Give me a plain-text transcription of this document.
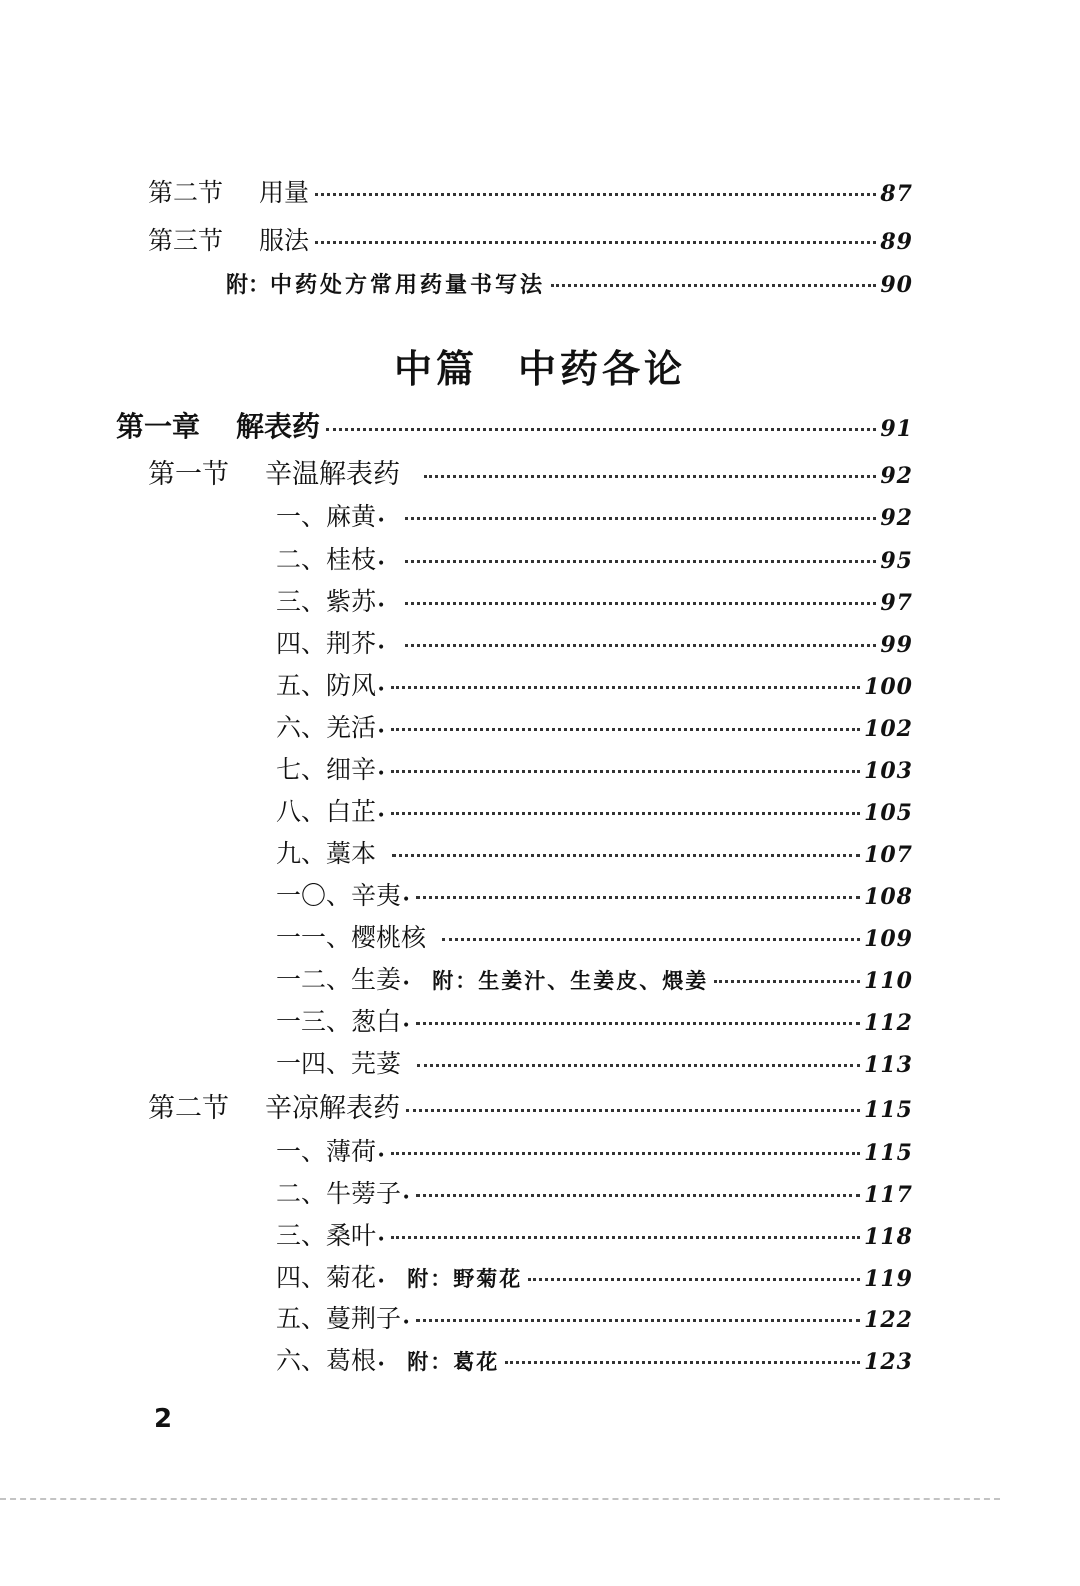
第二节 用量	87
第三节 服法	89
附： 中药处方常用药量书写法	90
中篇 中药各论
第一章 解表药	91
第一节 辛温解表药	92
一、 麻黄 •	92
二、 桂枝 •	95
三、 紫苏 •	97
四、 荆芥 •	99
五、 防风 •	100
六、 羌活 •	102
七、 细辛 •	103
八、 白芷 •	105
九、 藁本	107
一〇、 辛夷 •	108
一一、 樱桃核	109
一二、 生姜 • 附：生姜汁、生姜皮、煨姜	110
一三、 葱白 •	112
一四、 芫荽	113
第二节 辛凉解表药	115
一、 薄荷 •	115
二、 牛蒡子 •	117
三、 桑叶 •	118
四、 菊花 • 附：野菊花	119
五、 蔓荆子 •	122
六、 葛根 • 附：葛花	123
2
